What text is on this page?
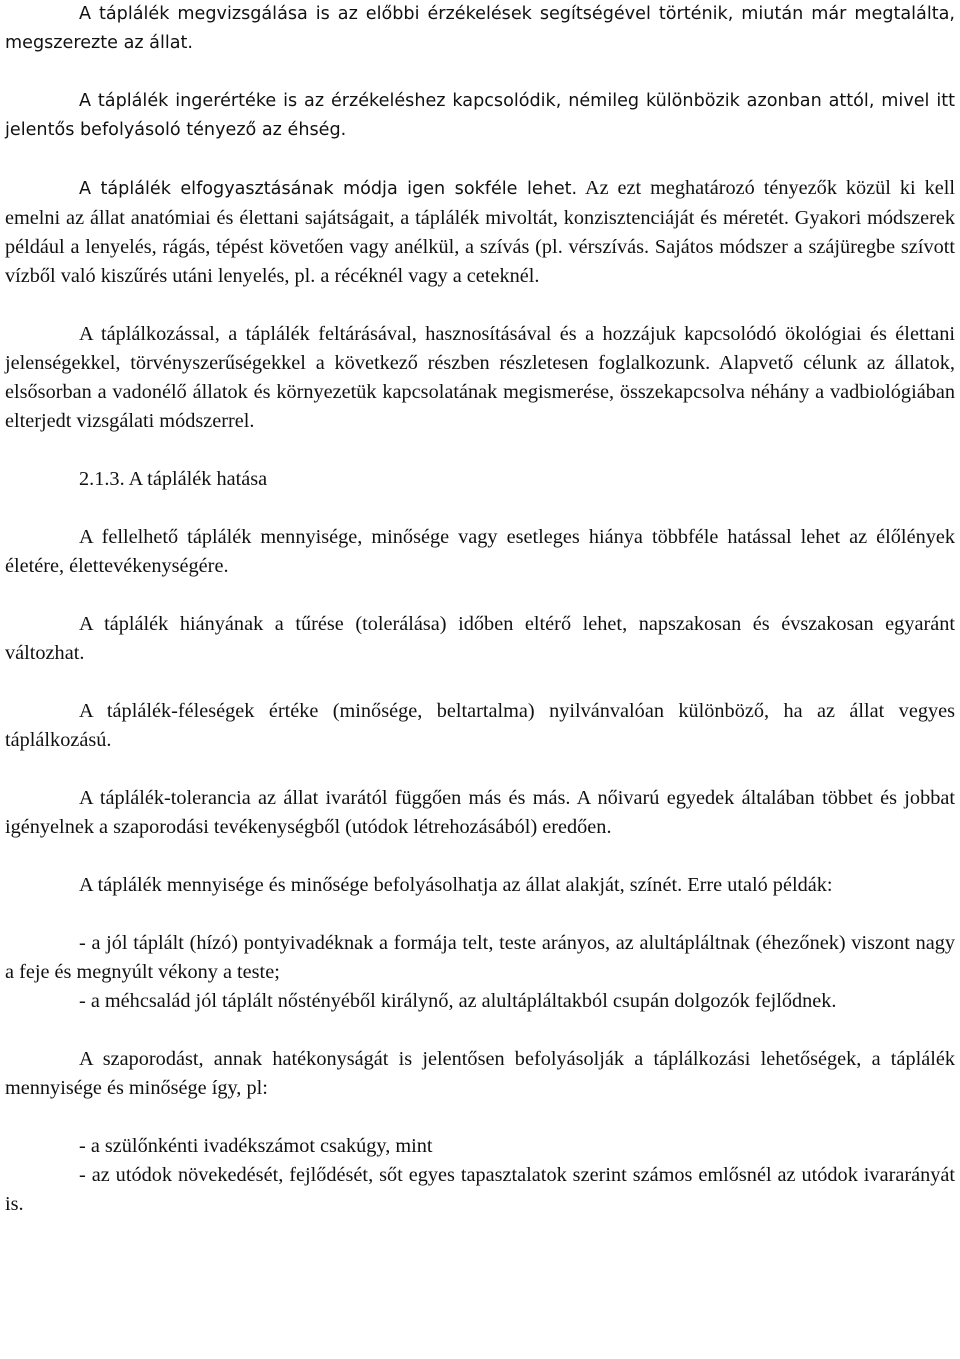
A táplálék megvizsgálása is az előbbi érzékelések segítségével történik, miután már megtalálta, megszerezte az állat.

A táplálék ingerértéke is az érzékeléshez kapcsolódik, némileg különbözik azonban attól, mivel itt jelentős befolyásoló tényező az éhség.

A táplálék elfogyasztásának módja igen sokféle lehet. Az ezt meghatározó tényezők közül ki kell emelni az állat anatómiai és élettani sajátságait, a táplálék mivoltát, konzisztenciáját és méretét. Gyakori módszerek például a lenyelés, rágás, tépést követően vagy anélkül, a szívás (pl. vérszívás. Sajátos módszer a szájüregbe szívott vízből való kiszűrés utáni lenyelés, pl. a récéknél vagy a ceteknél.

A táplálkozással, a táplálék feltárásával, hasznosításával és a hozzájuk kapcsolódó ökológiai és élettani jelenségekkel, törvényszerűségekkel a következő részben részletesen foglalkozunk. Alapvető célunk az állatok, elsősorban a vadonélő állatok és környezetük kapcsolatának megismerése, összekapcsolva néhány a vadbiológiában elterjedt vizsgálati módszerrel.

2.1.3. A táplálék hatása

A fellelhető táplálék mennyisége, minősége vagy esetleges hiánya többféle hatással lehet az élőlények életére, élettevékenységére.

A táplálék hiányának a tűrése (tolerálása) időben eltérő lehet, napszakosan és évszakosan egyaránt változhat.

A táplálék-féleségek értéke (minősége, beltartalma) nyilvánvalóan különböző, ha az állat vegyes táplálkozású.

A táplálék-tolerancia az állat ivarától függően más és más. A nőivarú egyedek általában többet és jobbat igényelnek a szaporodási tevékenységből (utódok létrehozásából) eredően.

A táplálék mennyisége és minősége befolyásolhatja az állat alakját, színét. Erre utaló példák:

- a jól táplált (hízó) pontyivadéknak a formája telt, teste arányos, az alultápláltnak (éhezőnek) viszont nagy a feje és megnyúlt vékony a teste;

- a méhcsalád jól táplált nőstényéből királynő, az alultápláltakból csupán dolgozók fejlődnek.

A szaporodást, annak hatékonyságát is jelentősen befolyásolják a táplálkozási lehetőségek, a táplálék mennyisége és minősége így, pl:

- a szülőnkénti ivadékszámot csakúgy, mint

- az utódok növekedését, fejlődését, sőt egyes tapasztalatok szerint számos emlősnél az utódok ivararányát is.
